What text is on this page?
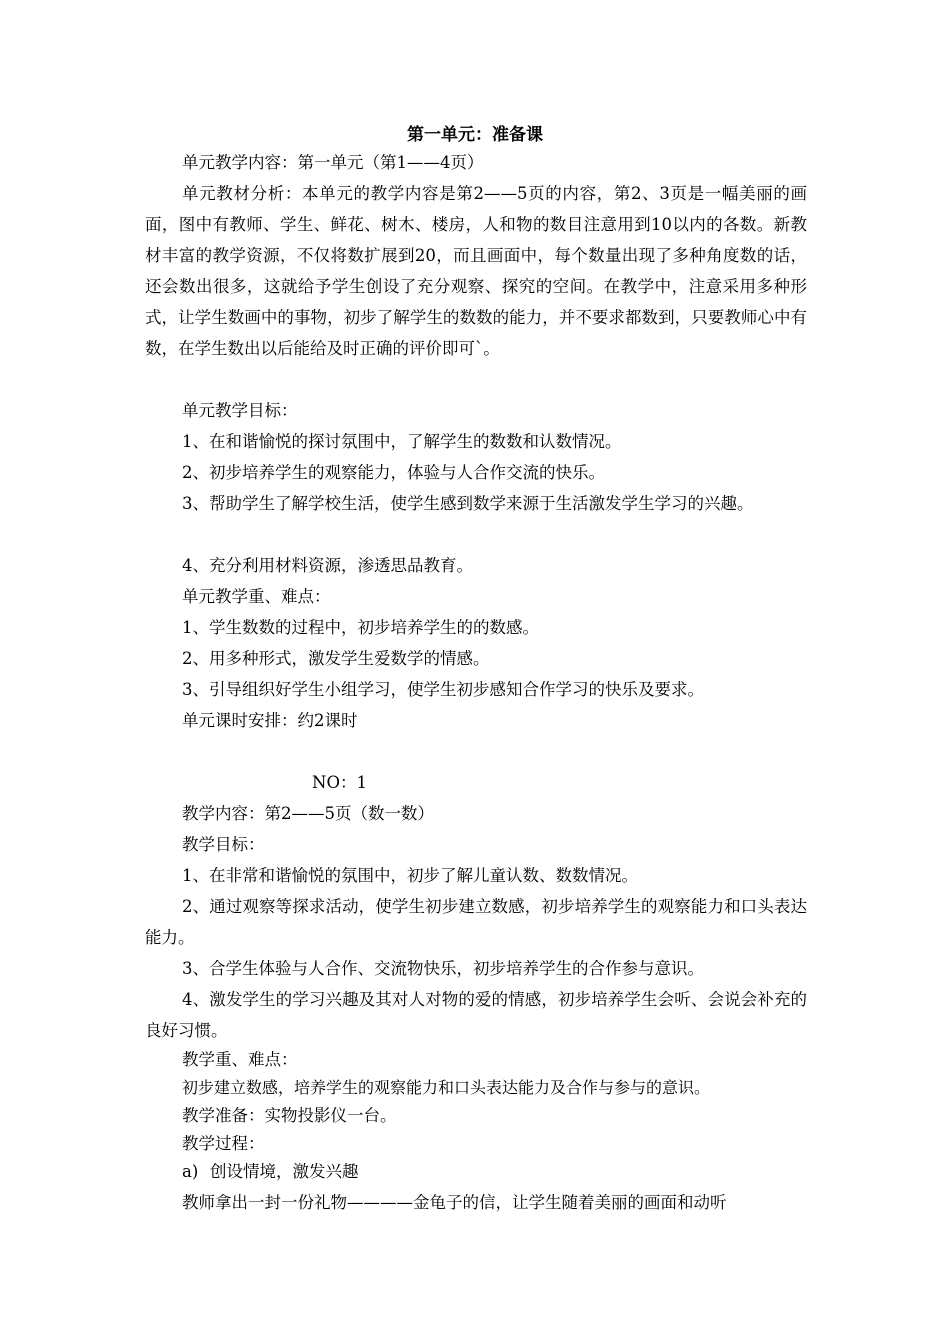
第一单元：准备课
单元教学内容：第一单元（第1——4页）
单元教材分析：本单元的教学内容是第2——5页的内容，第2、3页是一幅美丽的画面，图中有教师、学生、鲜花、树木、楼房，人和物的数目注意用到10以内的各数。新教材丰富的教学资源，不仅将数扩展到20，而且画面中，每个数量出现了多种角度数的话，还会数出很多，这就给予学生创设了充分观察、探究的空间。在教学中，注意采用多种形式，让学生数画中的事物，初步了解学生的数数的能力，并不要求都数到，只要教师心中有数，在学生数出以后能给及时正确的评价即可`。
单元教学目标：
1、在和谐愉悦的探讨氛围中，了解学生的数数和认数情况。
2、初步培养学生的观察能力，体验与人合作交流的快乐。
3、帮助学生了解学校生活，使学生感到数学来源于生活激发学生学习的兴趣。
4、充分利用材料资源，渗透思品教育。
单元教学重、难点：
1、学生数数的过程中，初步培养学生的的数感。
2、用多种形式，激发学生爱数学的情感。
3、引导组织好学生小组学习，使学生初步感知合作学习的快乐及要求。
单元课时安排：约2课时
NO：1
教学内容：第2——5页（数一数）
教学目标：
1、在非常和谐愉悦的氛围中，初步了解儿童认数、数数情况。
2、通过观察等探求活动，使学生初步建立数感，初步培养学生的观察能力和口头表达能力。
3、合学生体验与人合作、交流物快乐，初步培养学生的合作参与意识。
4、激发学生的学习兴趣及其对人对物的爱的情感，初步培养学生会听、会说会补充的良好习惯。
教学重、难点：
初步建立数感，培养学生的观察能力和口头表达能力及合作与参与的意识。
教学准备：实物投影仪一台。
教学过程：
a) 创设情境，激发兴趣
教师拿出一封一份礼物————金龟子的信，让学生随着美丽的画面和动听
